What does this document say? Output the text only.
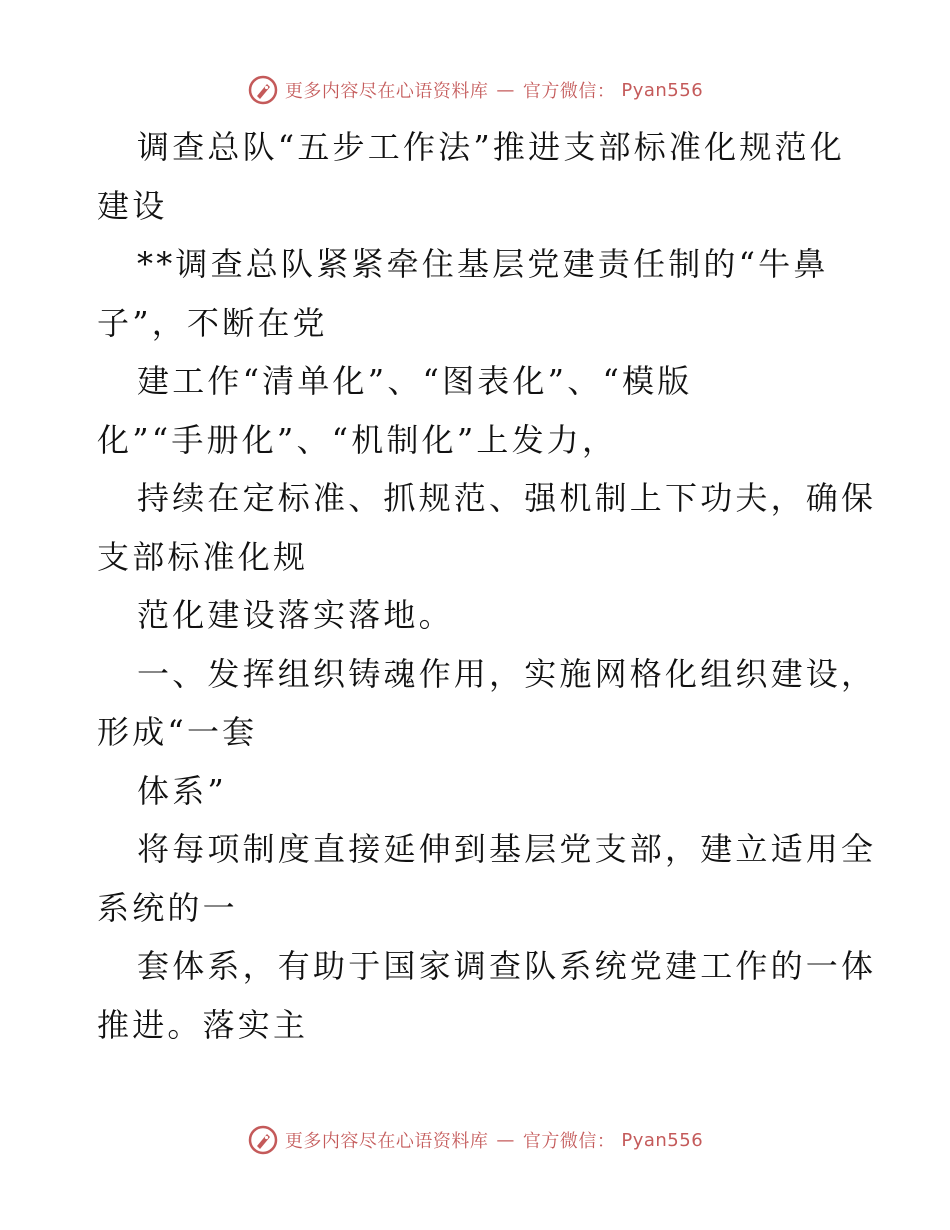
更多内容尽在心语资料库 — 官方微信： Pyan556

调查总队“五步工作法”推进支部标准化规范化
建设

**调查总队紧紧牵住基层党建责任制的“牛鼻
子”，不断在党

建工作“清单化”、“图表化”、“模版
化”“手册化”、“机制化”上发力，

持续在定标准、抓规范、强机制上下功夫，确保
支部标准化规

范化建设落实落地。

一、发挥组织铸魂作用，实施网格化组织建设，
形成“一套

体系”

将每项制度直接延伸到基层党支部，建立适用全
系统的一

套体系，有助于国家调查队系统党建工作的一体
推进。落实主

更多内容尽在心语资料库 — 官方微信： Pyan556
